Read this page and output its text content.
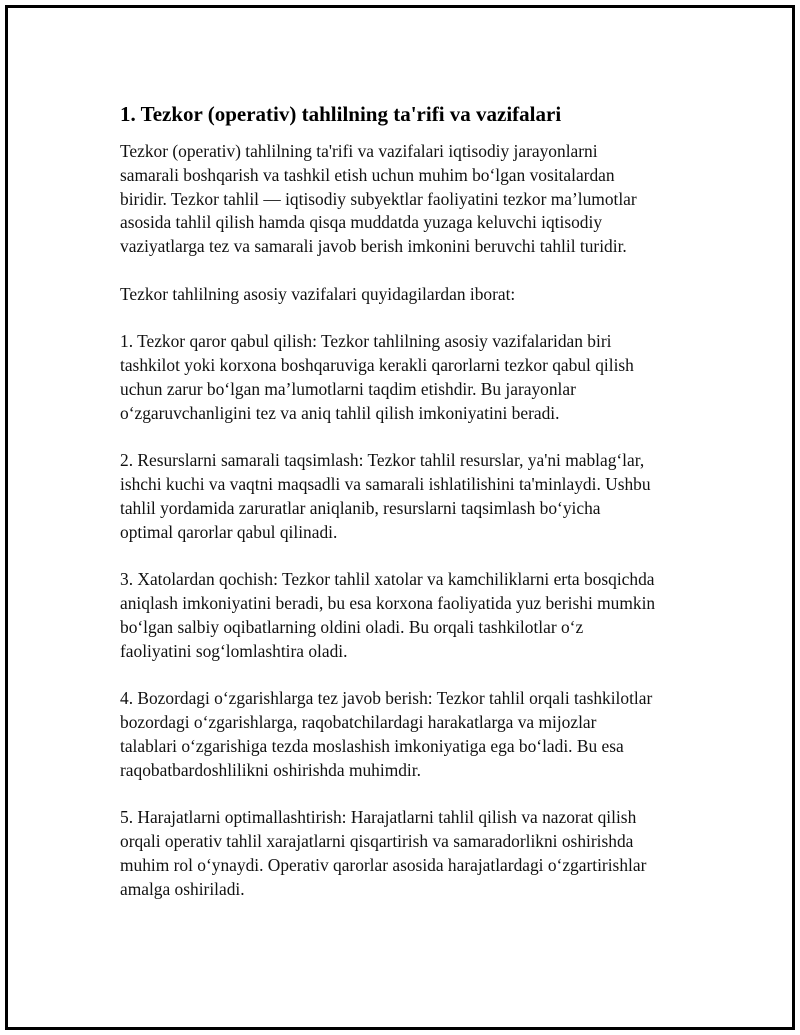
1. Tezkor (operativ) tahlilning ta'rifi va vazifalari

Tezkor (operativ) tahlilning ta'rifi va vazifalari iqtisodiy jarayonlarni
samarali boshqarish va tashkil etish uchun muhim bo‘lgan vositalardan
biridir. Tezkor tahlil — iqtisodiy subyektlar faoliyatini tezkor ma’lumotlar
asosida tahlil qilish hamda qisqa muddatda yuzaga keluvchi iqtisodiy
vaziyatlarga tez va samarali javob berish imkonini beruvchi tahlil turidir.

Tezkor tahlilning asosiy vazifalari quyidagilardan iborat:

1. Tezkor qaror qabul qilish: Tezkor tahlilning asosiy vazifalaridan biri
tashkilot yoki korxona boshqaruviga kerakli qarorlarni tezkor qabul qilish
uchun zarur bo‘lgan ma’lumotlarni taqdim etishdir. Bu jarayonlar
o‘zgaruvchanligini tez va aniq tahlil qilish imkoniyatini beradi.

2. Resurslarni samarali taqsimlash: Tezkor tahlil resurslar, ya'ni mablag‘lar,
ishchi kuchi va vaqtni maqsadli va samarali ishlatilishini ta'minlaydi. Ushbu
tahlil yordamida zaruratlar aniqlanib, resurslarni taqsimlash bo‘yicha
optimal qarorlar qabul qilinadi.

3. Xatolardan qochish: Tezkor tahlil xatolar va kamchiliklarni erta bosqichda
aniqlash imkoniyatini beradi, bu esa korxona faoliyatida yuz berishi mumkin
bo‘lgan salbiy oqibatlarning oldini oladi. Bu orqali tashkilotlar o‘z
faoliyatini sog‘lomlashtira oladi.

4. Bozordagi o‘zgarishlarga tez javob berish: Tezkor tahlil orqali tashkilotlar
bozordagi o‘zgarishlarga, raqobatchilardagi harakatlarga va mijozlar
talablari o‘zgarishiga tezda moslashish imkoniyatiga ega bo‘ladi. Bu esa
raqobatbardoshlilikni oshirishda muhimdir.

5. Harajatlarni optimallashtirish: Harajatlarni tahlil qilish va nazorat qilish
orqali operativ tahlil xarajatlarni qisqartirish va samaradorlikni oshirishda
muhim rol o‘ynaydi. Operativ qarorlar asosida harajatlardagi o‘zgartirishlar
amalga oshiriladi.
